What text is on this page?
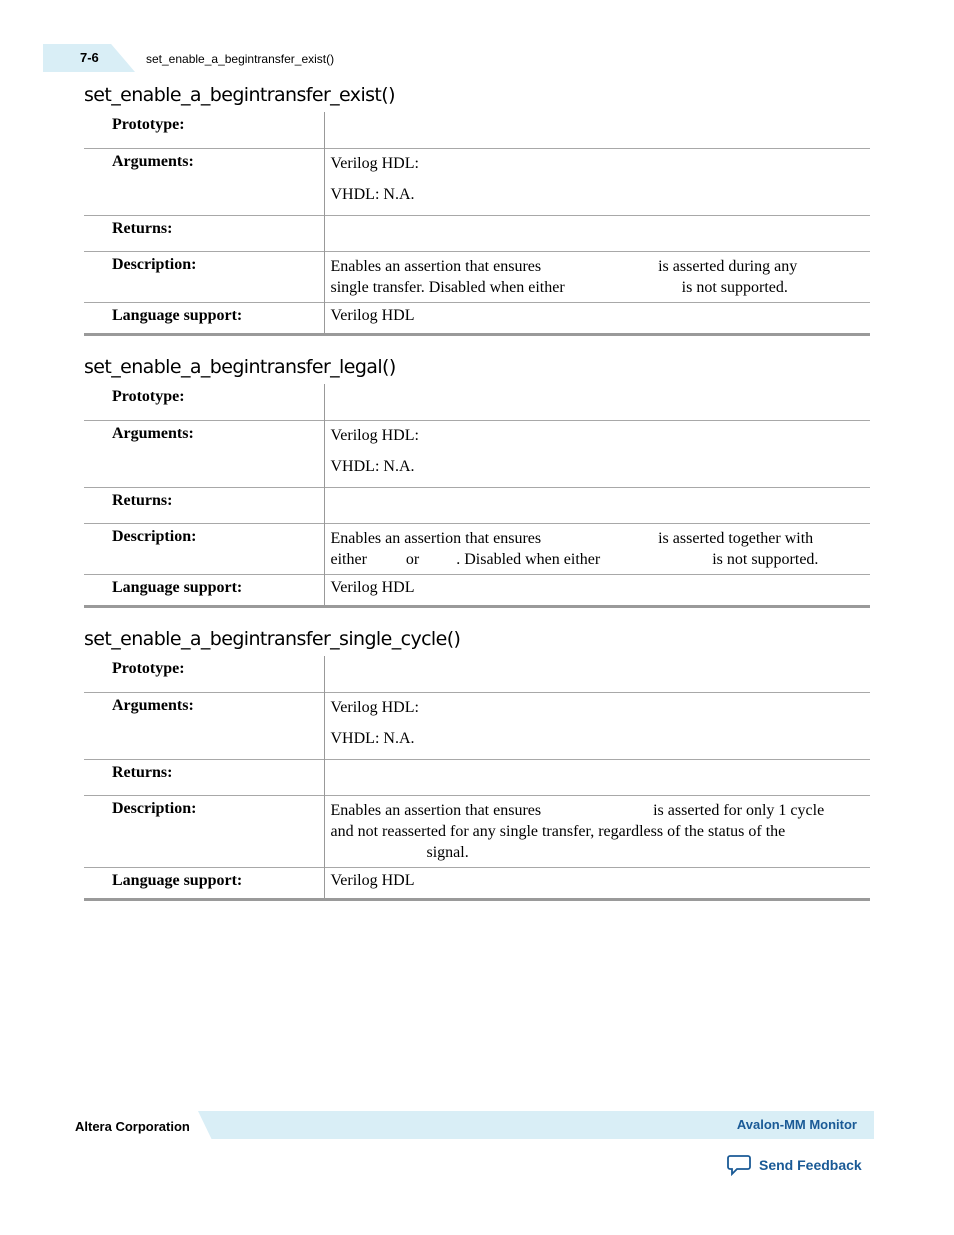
7-6	set_enable_a_begintransfer_exist()
set_enable_a_begintransfer_exist()
Prototype:	
Arguments:	Verilog HDL:

VHDL: N.A.

Returns:	
Description:	Enables an assertion that ensures is asserted during any
single transfer. Disabled when either is not supported.
Language support:	Verilog HDL
set_enable_a_begintransfer_legal()
Prototype:	
Arguments:	Verilog HDL:

VHDL: N.A.

Returns:	
Description:	Enables an assertion that ensures is asserted together with
either or . Disabled when either is not supported.
Language support:	Verilog HDL
set_enable_a_begintransfer_single_cycle()
Prototype:	
Arguments:	Verilog HDL:

VHDL: N.A.

Returns:	
Description:	Enables an assertion that ensures is asserted for only 1 cycle
and not reasserted for any single transfer, regardless of the status of the
signal.
Language support:	Verilog HDL
Altera Corporation	Avalon-MM Monitor
Send Feedback
